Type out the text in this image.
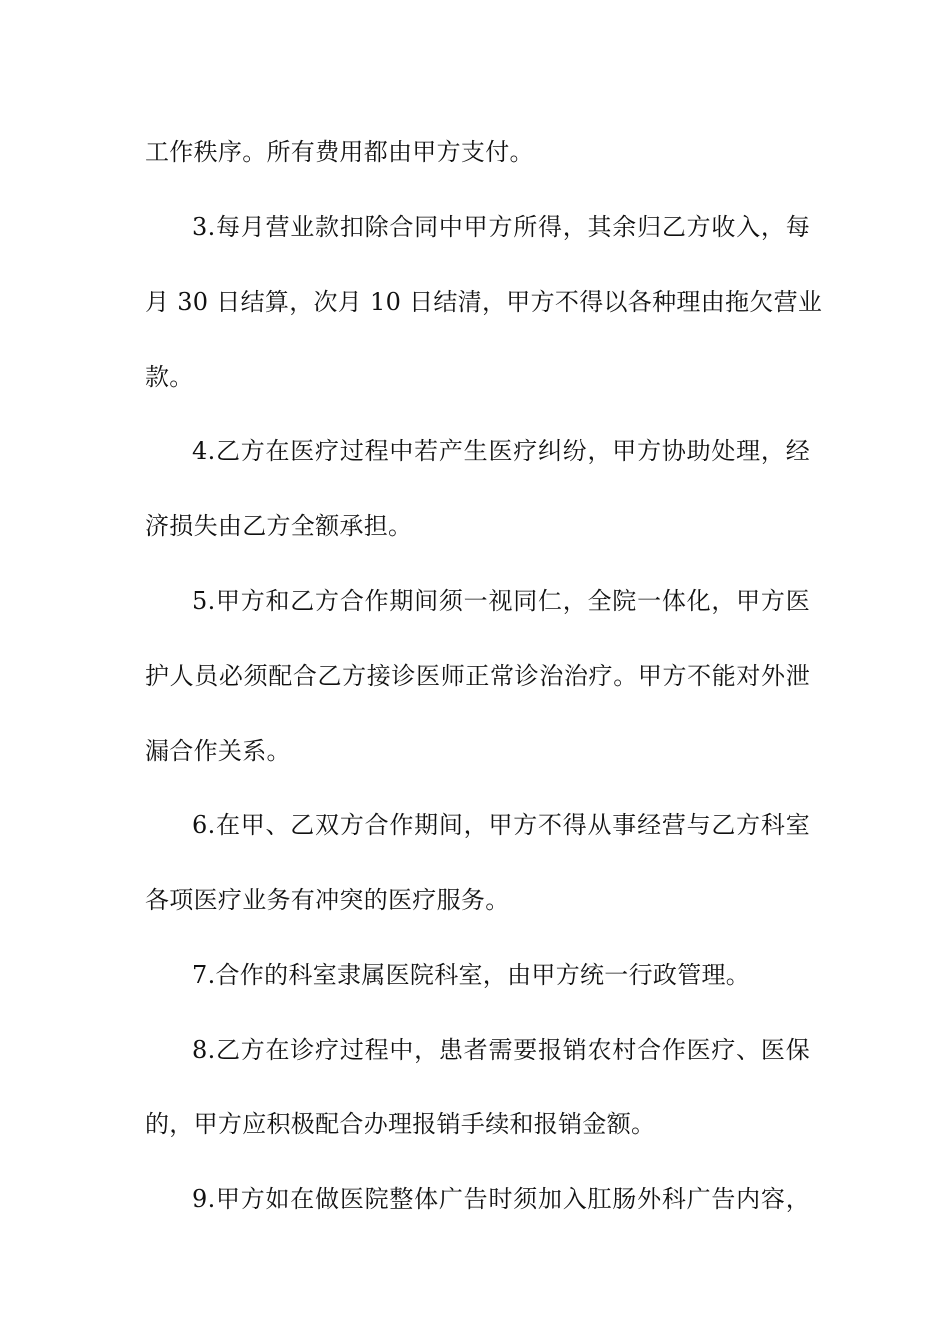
工作秩序。所有费用都由甲方支付。
3.每月营业款扣除合同中甲方所得，其余归乙方收入，每
月 30 日结算，次月 10 日结清，甲方不得以各种理由拖欠营业
款。
4.乙方在医疗过程中若产生医疗纠纷，甲方协助处理，经
济损失由乙方全额承担。
5.甲方和乙方合作期间须一视同仁，全院一体化，甲方医
护人员必须配合乙方接诊医师正常诊治治疗。甲方不能对外泄
漏合作关系。
6.在甲、乙双方合作期间，甲方不得从事经营与乙方科室
各项医疗业务有冲突的医疗服务。
7.合作的科室隶属医院科室，由甲方统一行政管理。
8.乙方在诊疗过程中，患者需要报销农村合作医疗、医保
的，甲方应积极配合办理报销手续和报销金额。
9.甲方如在做医院整体广告时须加入肛肠外科广告内容，
